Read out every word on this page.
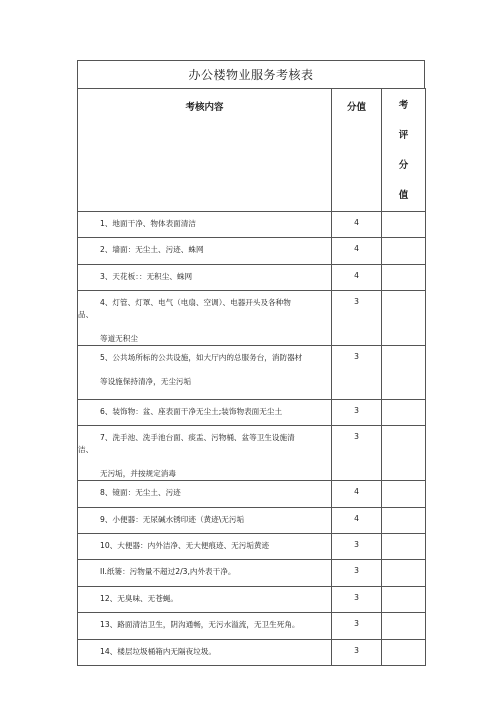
办公楼物业服务考核表
考核内容	分值	考
评
分
值

1、地面干净、物体表面清洁	4	
2、墙面：无尘土、污迹、蛛网	4	
3、天花板：：无积尘、蛛网	4	

4、灯管、灯罩、电气（电扇、空调）、电器开头及各种物
品、
等道无积尘	3	

5、公共场所标的公共设施，如大厅内的总服务台，消防器材
等设施保持清净，无尘污垢	3	
6、装饰物：盆、座表面干净无尘土;装饰物表面无尘土	3	

7、洗手池、洗手池台面、痰盂、污物桶、盆等卫生设施清
洁、
无污垢，并按规定消毒	3	
8、镜面：无尘土、污迹	4	
9、小便器：无尿碱水锈印迹（黄迹\无污垢	4	
10、大便器：内外洁净、无大便痕迹、无污垢黄迹	3	
II.纸篓：污物量不超过2/3,内外表干净。	3	
12、无臭味、无苍蝇。	3	
13、路面清洁卫生，阴沟通畅，无污水溢流，无卫生死角。	3	
14、楼层垃圾桶箱内无隔夜垃圾。	3	
